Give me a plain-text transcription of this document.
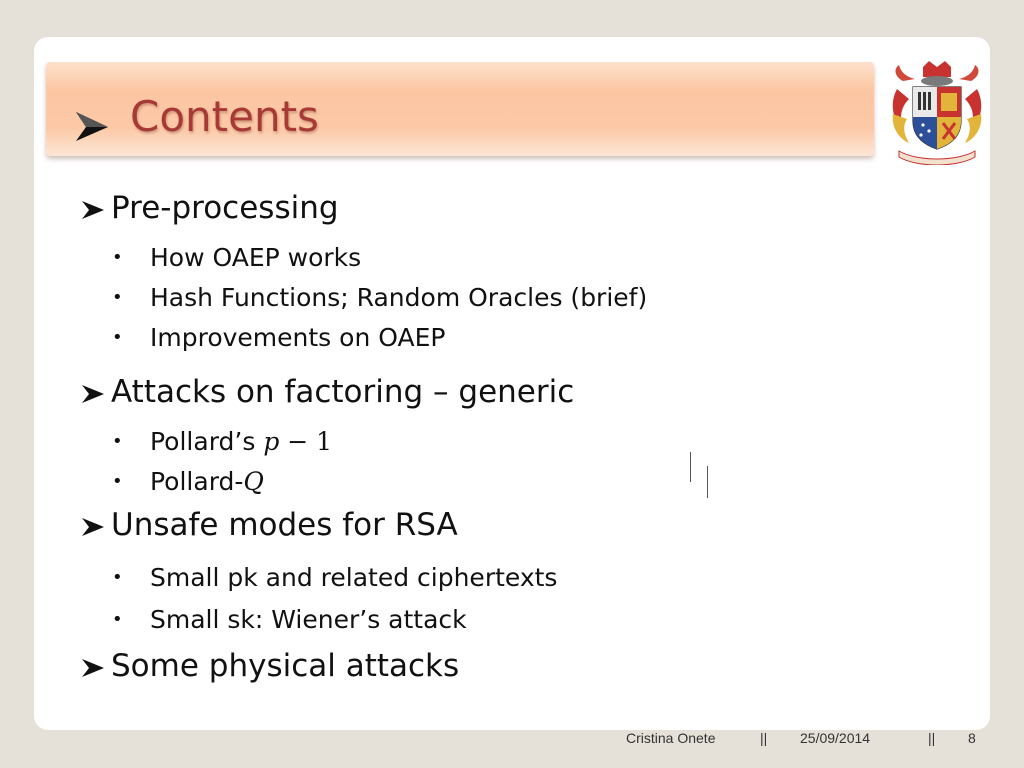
Contents
Pre-processing
• How OAEP works
• Hash Functions; Random Oracles (brief)
• Improvements on OAEP
Attacks on factoring – generic
• Pollard’s p − 1
• Pollard-Q
Unsafe modes for RSA
• Small pk and related ciphertexts
• Small sk: Wiener’s attack
Some physical attacks
Cristina Onete	|| 25/09/2014	|| 8
